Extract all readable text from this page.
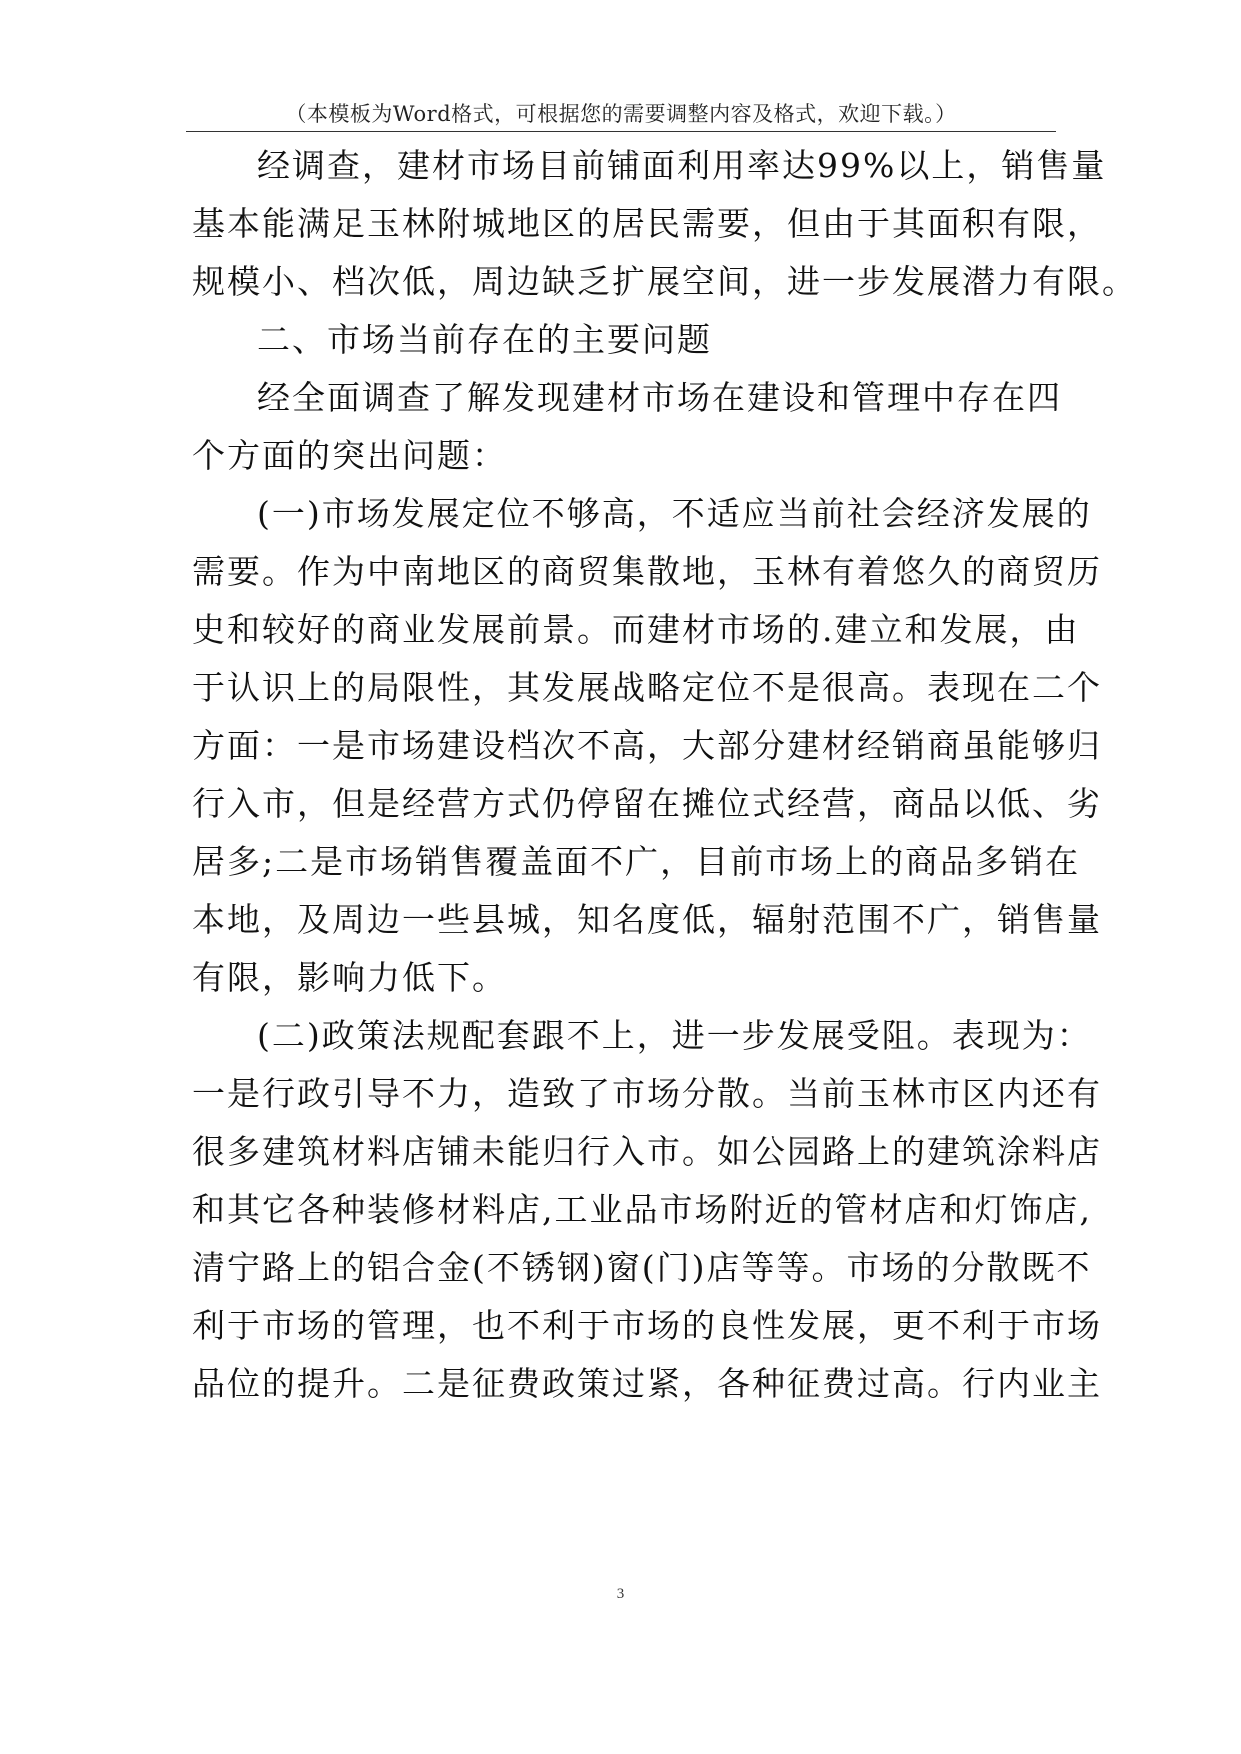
（本模板为Word格式，可根据您的需要调整内容及格式，欢迎下载。）
经调查，建材市场目前铺面利用率达99%以上，销售量
基本能满足玉林附城地区的居民需要，但由于其面积有限，
规模小、档次低，周边缺乏扩展空间，进一步发展潜力有限。
二、市场当前存在的主要问题
经全面调查了解发现建材市场在建设和管理中存在四
个方面的突出问题：
(一)市场发展定位不够高，不适应当前社会经济发展的
需要。作为中南地区的商贸集散地，玉林有着悠久的商贸历
史和较好的商业发展前景。而建材市场的.建立和发展，由
于认识上的局限性，其发展战略定位不是很高。表现在二个
方面：一是市场建设档次不高，大部分建材经销商虽能够归
行入市，但是经营方式仍停留在摊位式经营，商品以低、劣
居多;二是市场销售覆盖面不广，目前市场上的商品多销在
本地，及周边一些县城，知名度低，辐射范围不广，销售量
有限，影响力低下。
(二)政策法规配套跟不上，进一步发展受阻。表现为：
一是行政引导不力，造致了市场分散。当前玉林市区内还有
很多建筑材料店铺未能归行入市。如公园路上的建筑涂料店
和其它各种装修材料店,工业品市场附近的管材店和灯饰店,
清宁路上的铝合金(不锈钢)窗(门)店等等。市场的分散既不
利于市场的管理，也不利于市场的良性发展，更不利于市场
品位的提升。二是征费政策过紧，各种征费过高。行内业主
3
